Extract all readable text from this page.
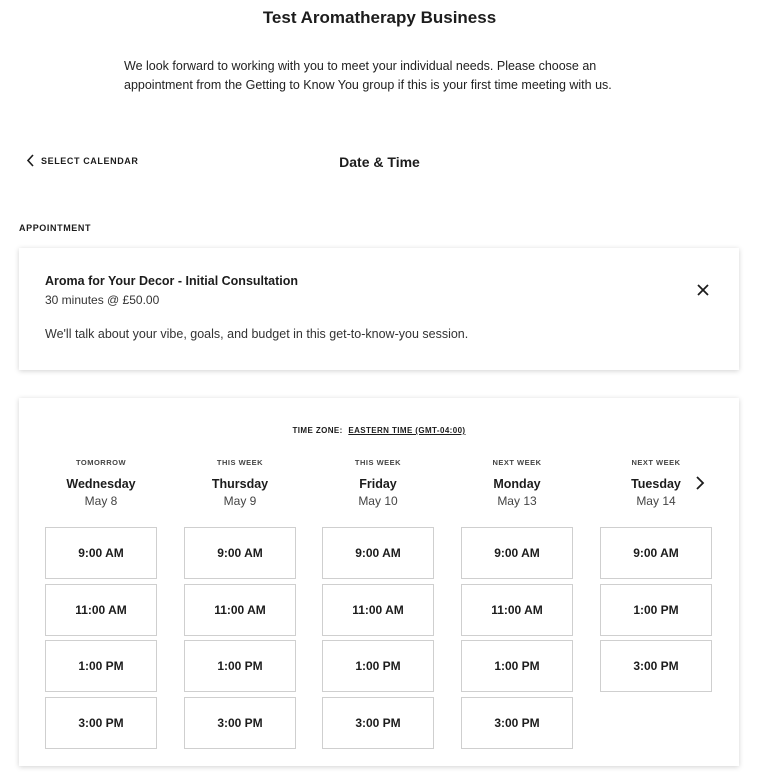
Test Aromatherapy Business
We look forward to working with you to meet your individual needs. Please choose an appointment from the Getting to Know You group if this is your first time meeting with us.
SELECT CALENDAR	Date & Time
APPOINTMENT
Aroma for Your Decor - Initial Consultation
30 minutes @ £50.00
We'll talk about your vibe, goals, and budget in this get-to-know-you session.
TIME ZONE: EASTERN TIME (GMT-04:00)
TOMORROW
Wednesday
May 8
9:00 AM
11:00 AM
1:00 PM
3:00 PM
THIS WEEK
Thursday
May 9
9:00 AM
11:00 AM
1:00 PM
3:00 PM
THIS WEEK
Friday
May 10
9:00 AM
11:00 AM
1:00 PM
3:00 PM
NEXT WEEK
Monday
May 13
9:00 AM
11:00 AM
1:00 PM
3:00 PM
NEXT WEEK
Tuesday
May 14
9:00 AM
1:00 PM
3:00 PM
